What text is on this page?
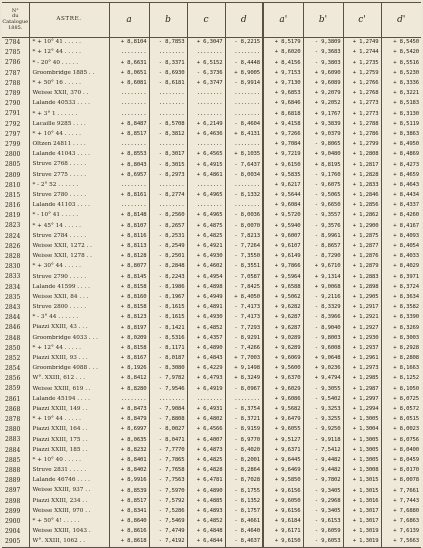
N°
du
Catalogue
1885.	ASTRE.	a	b	c	d	a'	b'	c'	d'
2784	* + 10° 41 . . . . .	+ 8,8104	- 8,7853	+ 6,3047	- 8,2215	+ 8,5179	- 9,3809	+ 1,2749	+ 8,5450
2785	* + 12° 44 . . . . .	........	........	........	........	+ 8,6020	- 9,3683	+ 1,2744	+ 8,5420
2786	* - 20° 40 . . . . .	+ 8,6631	- 8,3371	+ 6,5152	- 8,4448	+ 8,4156	- 9,3803	+ 1,2735	+ 8,5516
2787	Groombridge 1885 . .	+ 8,0651	- 8,6930	- 6,3736	+ 8,9005	+ 9,7153	+ 9,6090	+ 1,2759	+ 8,5230
2788	* + 50° 16 . . . . .	+ 8,6081	- 8,6181	+ 6,3747	- 8,9914	+ 9,7130	+ 9,6089	+ 1,2766	+ 8,3336
2789	Weisse XXII, 370 . .	........	........	........	........	+ 9,6853	+ 9,2079	+ 1,2768	+ 8,3221
2790	Lalande 40533 . . . .	........	........	........	........	+ 9,6846	+ 9,2052	+ 1,2773	+ 8,5183
2791	* + 3° 1 . . . . . .	........	........	........	........	+ 8,6818	+ 9,1767	+ 1,2773	+ 8,3130
2792	Lacaille 9285 . . . .	+ 8,8487	- 8,5708	+ 6,2149	- 8,4604	+ 9,4158	+ 9,3839	+ 1,2788	+ 8,5119
2797	* + 10° 44 . . . . .	+ 8,8517	- 8,3812	+ 6,4636	+ 8,4131	+ 9,7266	+ 9,0379	+ 1,2786	+ 8,3863
2799	Oltzen 24811 . . . .	........	........	........	........	+ 9,7084	- 9,8065	+ 1,2799	+ 8,4950
2800	Lalande 41043 . . . .	+ 8,8553	- 8,3017	+ 6,4565	+ 8,1035	+ 9,7219	+ 9,0480	+ 1,2808	+ 8,4869
2805	Struve 2768 . . . . .	+ 8,8043	- 8,3015	+ 6,4915	- 7,6437	+ 9,6150	+ 8,8195	+ 1,2817	+ 8,4273
2809	Struve 2775 . . . . .	+ 8,6957	- 8,2973	+ 6,4861	- 8,0034	+ 9,5835	- 9,1760	+ 1,2828	+ 8,4659
2810	* - 2° 52 . . . . . .	........	........	........	........	+ 9,6217	- 9,6075	+ 1,2833	+ 8,4643
2815	Struve 2780 . . . . .	+ 8,8161	- 8,2774	+ 6,4965	- 8,1332	+ 9,5644	- 9,5065	+ 1,2846	+ 8,4434
2816	Lalande 41103 . . . .	........	........	........	........	+ 9,6084	- 9,6650	+ 1,2856	+ 8,4337
2819	* - 10° 41 . . . . .	+ 8,8148	- 8,2560	+ 6,4965	- 8,0036	+ 9,5720	- 9,3557	+ 1,2862	+ 8,4260
2823	* + 45° 14 . . . . .	+ 8,8107	- 8,2657	+ 6,4875	- 8,0070	+ 9,5940	- 9,3576	+ 1,2900	+ 8,4167
2824	Struve 2784 . . . . .	+ 8,8116	- 8,2531	+ 6,4825	- 7,8213	+ 9,6007	- 8,9961	+ 1,2875	+ 8,4093
2826	Weisse XXII, 1272 . .	+ 8,8113	- 8,2549	+ 6,4921	- 7,7264	+ 9,6107	- 8,8657	+ 1,2877	+ 8,4054
2828	Weisse XXII, 1278 . .	+ 8,8128	- 8,2501	+ 6,4930	- 7,3550	+ 9,6149	- 8,7290	+ 1,2876	+ 8,4033
2830	* + 30° 44 . . . . .	+ 8,8077	- 8,2848	+ 6,4602	- 8,3551	+ 9,7866	+ 9,6710	+ 1,2879	+ 8,4029
2833	Struve 2790 . . . . .	+ 8,8145	- 8,2243	+ 6,4954	- 7,0587	+ 9,5964	+ 9,1314	+ 1,2883	+ 8,3971
2834	Lalande 41599 . . . .	+ 8,8158	- 8,1986	+ 6,4898	- 7,8425	+ 9,6588	+ 9,0068	+ 1,2898	+ 8,3724
2835	Weisse XXII, 84 . . .	+ 8,8160	- 8,1967	+ 6,4949	+ 8,4050	+ 9,5062	- 9,2116	+ 1,2905	+ 8,3634
2843	Struve 2800 . . . . .	+ 8,8158	- 8,1615	+ 6,4891	- 7,4173	+ 9,6282	- 8,3329	+ 1,2917	+ 8,3582
2844	* - 3° 44 . . . . . .	+ 8,8123	- 8,1615	+ 6,4930	- 7,4173	+ 9,6287	- 8,3966	+ 1,2921	+ 8,3390
2846	Piazzi XXIII, 43 . . .	+ 8,8197	- 8,1421	+ 6,4852	- 7,7293	+ 9,6287	- 8,9040	+ 1,2927	+ 8,3269
2848	Groombridge 4033 . . .	+ 8,0209	- 8,5316	+ 6,4357	- 8,9291	+ 9,0289	- 9,8003	+ 1,2930	+ 8,3003
2850	* + 12° 44 . . . . .	+ 8,8158	- 8,1171	+ 6,4890	- 7,4266	+ 9,6289	- 9,6008	+ 1,2937	+ 8,2928
2852	Piazzi XXIII, 93 . . .	+ 8,8167	- 8,0187	+ 6,4843	+ 7,7003	+ 9,6069	+ 9,0648	+ 1,2961	+ 8,2808
2854	Groombridge 4088 . . .	+ 8,1926	- 8,3080	+ 6,4229	+ 9,1498	+ 9,5600	+ 9,0236	+ 1,2973	+ 8,1663
2856	W°. XXIII, 612 . . .	+ 8,8412	- 7,9782	+ 6,4793	+ 8,3249	+ 9,6370	+ 9,4794	+ 1,2985	+ 8,1252
2859	Weisse XXIII, 619 . .	+ 8,8280	- 7,9546	+ 6,4919	- 8,0967	+ 9,6029	- 9,3055	+ 1,2987	+ 8,1050
2861	Lalande 45194 . . . .	........	........	........	........	+ 9,6086	- 9,5402	+ 1,2997	+ 8,0725
2868	Piazzi XXIII, 149 . .	+ 8,8473	- 7,9084	+ 6,4931	- 8,3754	+ 9,5682	- 9,3253	+ 1,2994	+ 8,0572
2878	* + 19° 44 . . . . .	+ 8,8479	- 7,8808	+ 6,4802	- 8,3721	+ 9,6479	- 9,3255	+ 1,3005	+ 8,0515
2880	Piazzi XXIII, 164 . .	+ 8,6997	- 8,0027	+ 6,4566	- 8,9159	+ 9,6055	- 9,9250	+ 1,3004	+ 8,0023
2883	Piazzi XXIII, 175 . .	+ 8,0635	- 8,0471	+ 6,4007	- 8,9770	+ 9,5127	- 9,9118	+ 1,3005	+ 8,0756
2884	Piazzi XXIII, 185 . .	+ 8,8232	- 7,7770	+ 6,4873	- 8,4020	+ 9,6371	- 7,5412	+ 1,3005	+ 8,0400
2885	* + 10° 40 . . . . .	+ 8,8401	- 7,7865	+ 6,4825	- 8,2001	+ 9,6445	- 9,4482	+ 1,3005	+ 8,0459
2888	Struve 2831 . . . . .	+ 8,8402	- 7,7658	+ 6,4828	- 8,2864	+ 9,6469	- 9,4482	+ 1,3008	+ 8,0170
2889	Lalande 46746 . . . .	+ 8,9916	- 7,7563	+ 6,4781	- 8,7028	+ 9,5850	- 9,7802	+ 1,3015	+ 8,0078
2897	Weisse XXIII, 937 . .	+ 8,8539	- 7,5970	+ 6,4890	- 8,1755	+ 9,6156	- 9,3405	+ 1,3015	+ 7,7661
2898	Piazzi XXIII, 234 . .	+ 8,8517	- 7,5792	+ 6,4885	- 8,1352	+ 9,6050	- 9,2968	+ 1,3016	+ 7,7443
2899	Weisse XXIII, 970 . .	+ 8,8341	- 7,5286	+ 6,4893	- 8,1757	+ 9,6156	- 9,3405	+ 1,3017	+ 7,6880
2900	* + 50° 4! . . . . .	+ 8,8640	- 7,5469	+ 6,4852	- 8,4661	+ 9,6184	- 9,6153	+ 1,3017	+ 7,6863
2904	Weisse XXIII, 1043 .	+ 8,8616	- 7,4749	+ 6,4848	- 8,4640	+ 9,6171	- 9,6059	+ 1,3019	+ 7,6139
2905	W°. XXIII, 1062 . .	+ 8,8618	- 7,4192	+ 6,4844	- 8,4637	+ 9,6150	- 9,6053	+ 1,3019	+ 7,5663
